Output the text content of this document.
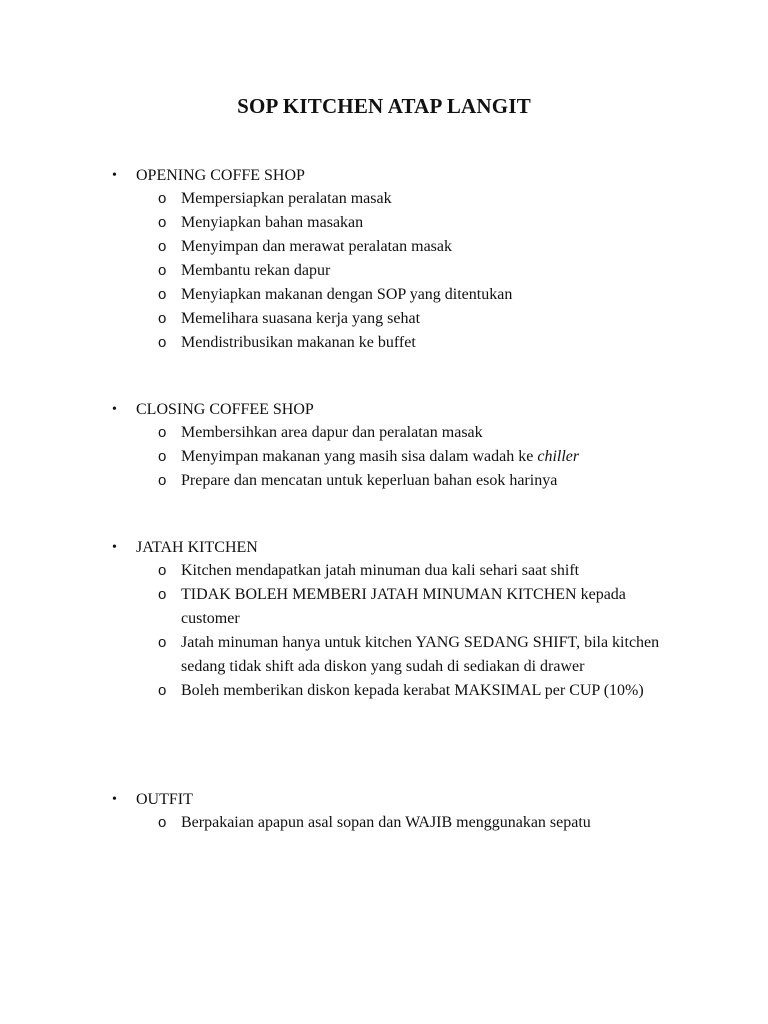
SOP KITCHEN ATAP LANGIT
•	OPENING COFFE SHOP
o Mempersiapkan peralatan masak
o Menyiapkan bahan masakan
o Menyimpan dan merawat peralatan masak
o Membantu rekan dapur
o Menyiapkan makanan dengan SOP yang ditentukan
o Memelihara suasana kerja yang sehat
o Mendistribusikan makanan ke buffet
•	CLOSING COFFEE SHOP
o Membersihkan area dapur dan peralatan masak
o Menyimpan makanan yang masih sisa dalam wadah ke chiller
o Prepare dan mencatan untuk keperluan bahan esok harinya
•	JATAH KITCHEN
o Kitchen mendapatkan jatah minuman dua kali sehari saat shift
o TIDAK BOLEH MEMBERI JATAH MINUMAN KITCHEN kepada customer
o Jatah minuman hanya untuk kitchen YANG SEDANG SHIFT, bila kitchen sedang tidak shift ada diskon yang sudah di sediakan di drawer
o Boleh memberikan diskon kepada kerabat MAKSIMAL per CUP (10%)
•	OUTFIT
o Berpakaian apapun asal sopan dan WAJIB menggunakan sepatu
